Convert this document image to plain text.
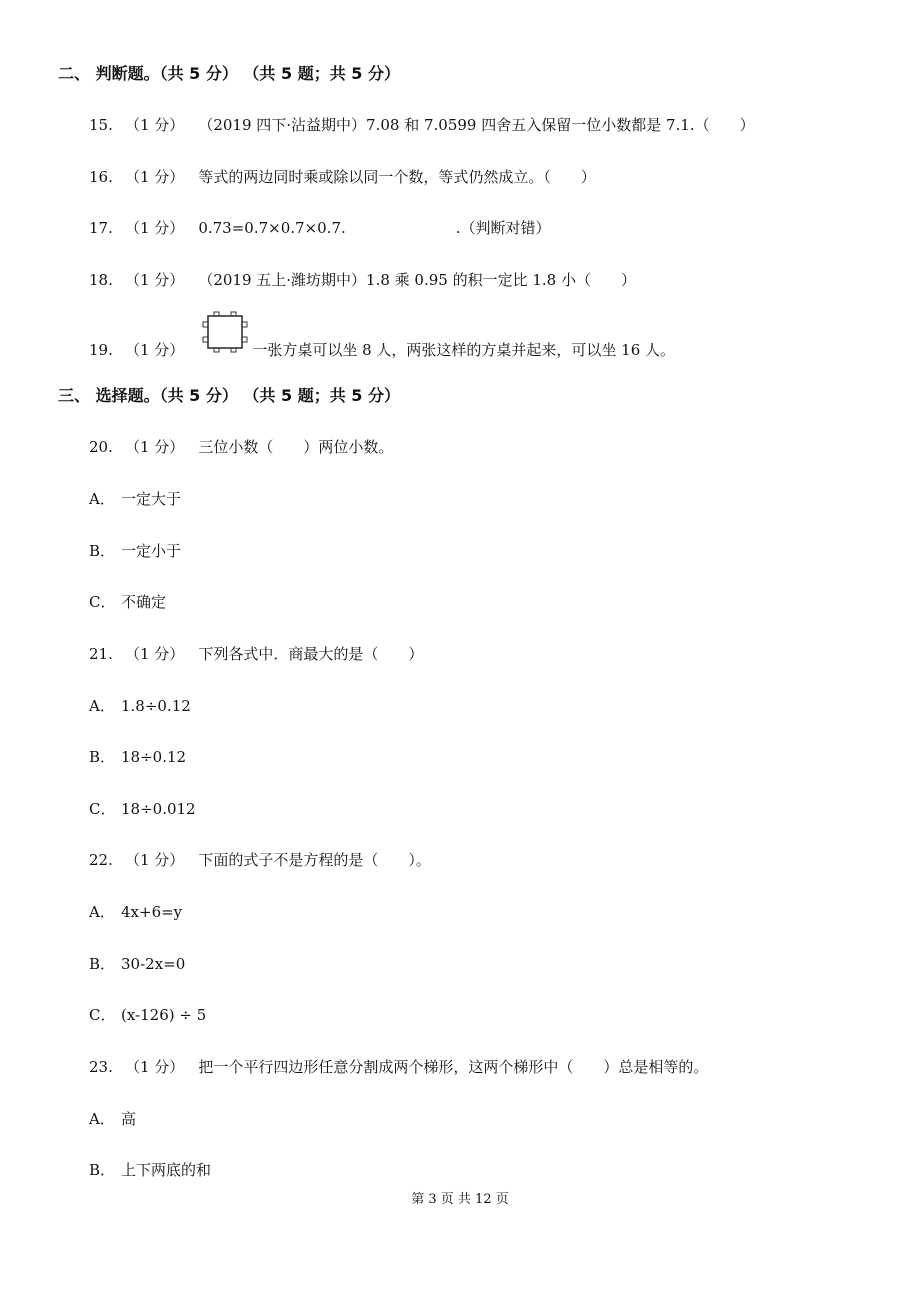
二、 判断题。（共 5 分） （共 5 题；共 5 分）
15. （1 分） （2019 四下·沾益期中）7.08 和 7.0599 四舍五入保留一位小数都是 7.1.（　　）
16. （1 分） 等式的两边同时乘或除以同一个数，等式仍然成立。（　　）
17. （1 分） 0.73=0.7×0.7×0.7.	.（判断对错）
18. （1 分） （2019 五上·潍坊期中）1.8 乘 0.95 的积一定比 1.8 小（　　）
19. （1 分）	一张方桌可以坐 8 人，两张这样的方桌并起来，可以坐 16 人。
三、 选择题。（共 5 分） （共 5 题；共 5 分）
20. （1 分） 三位小数（　　）两位小数。
A． 一定大于
B． 一定小于
C． 不确定
21. （1 分） 下列各式中．商最大的是（　　）
A． 1.8÷0.12
B． 18÷0.12
C． 18÷0.012
22. （1 分） 下面的式子不是方程的是（　　）。
A． 4x+6=y
B． 30-2x=0
C． (x-126) ÷ 5
23. （1 分） 把一个平行四边形任意分割成两个梯形，这两个梯形中（　　）总是相等的。
A． 高
B． 上下两底的和
第 3 页 共 12 页
